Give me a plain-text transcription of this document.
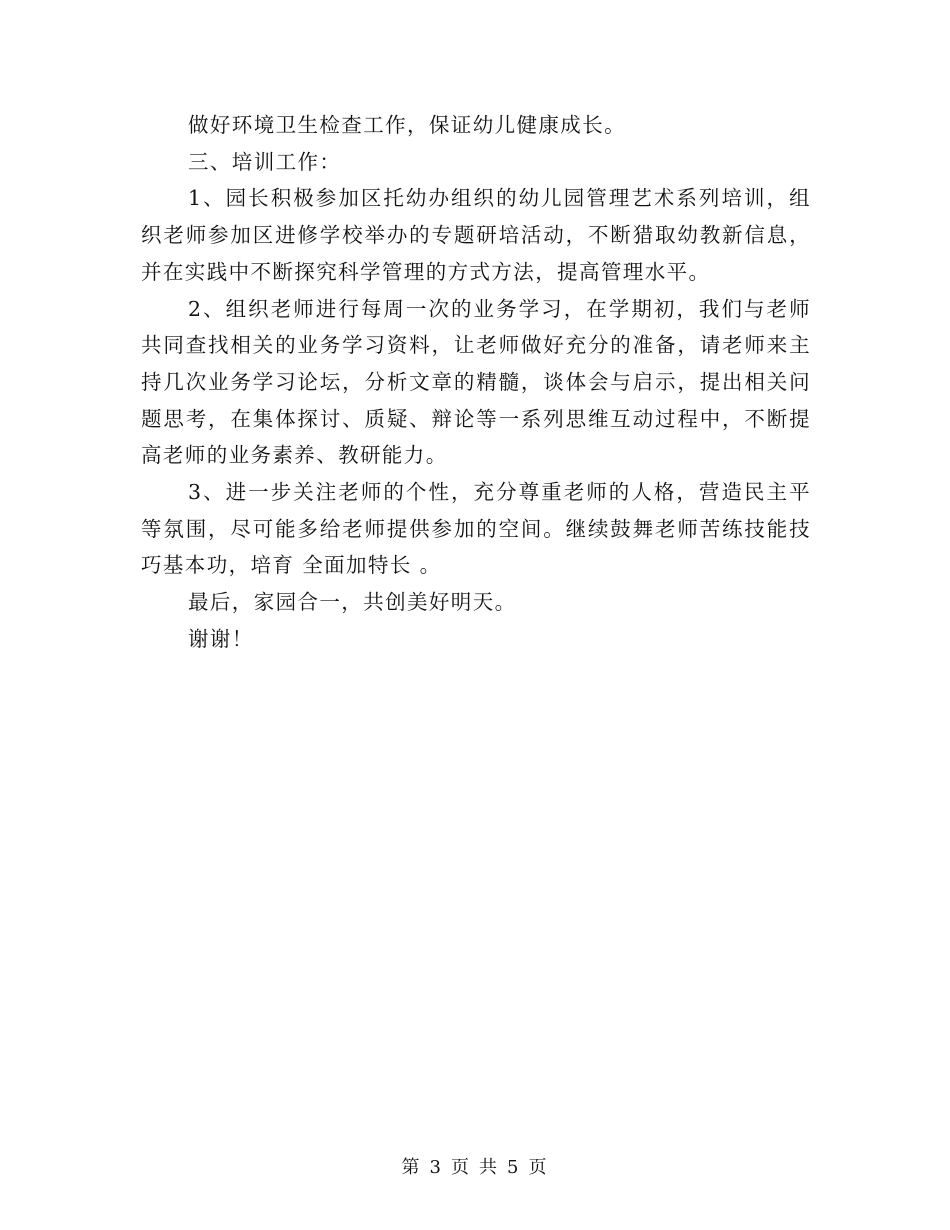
做好环境卫生检查工作，保证幼儿健康成长。

三、培训工作：

1、园长积极参加区托幼办组织的幼儿园管理艺术系列培训，组织老师参加区进修学校举办的专题研培活动，不断猎取幼教新信息，并在实践中不断探究科学管理的方式方法，提高管理水平。

2、组织老师进行每周一次的业务学习，在学期初，我们与老师共同查找相关的业务学习资料，让老师做好充分的准备，请老师来主持几次业务学习论坛，分析文章的精髓，谈体会与启示，提出相关问题思考，在集体探讨、质疑、辩论等一系列思维互动过程中，不断提高老师的业务素养、教研能力。

3、进一步关注老师的个性，充分尊重老师的人格，营造民主平等氛围，尽可能多给老师提供参加的空间。继续鼓舞老师苦练技能技巧基本功，培育 全面加特长 。

最后，家园合一，共创美好明天。

谢谢！

第 3 页 共 5 页
